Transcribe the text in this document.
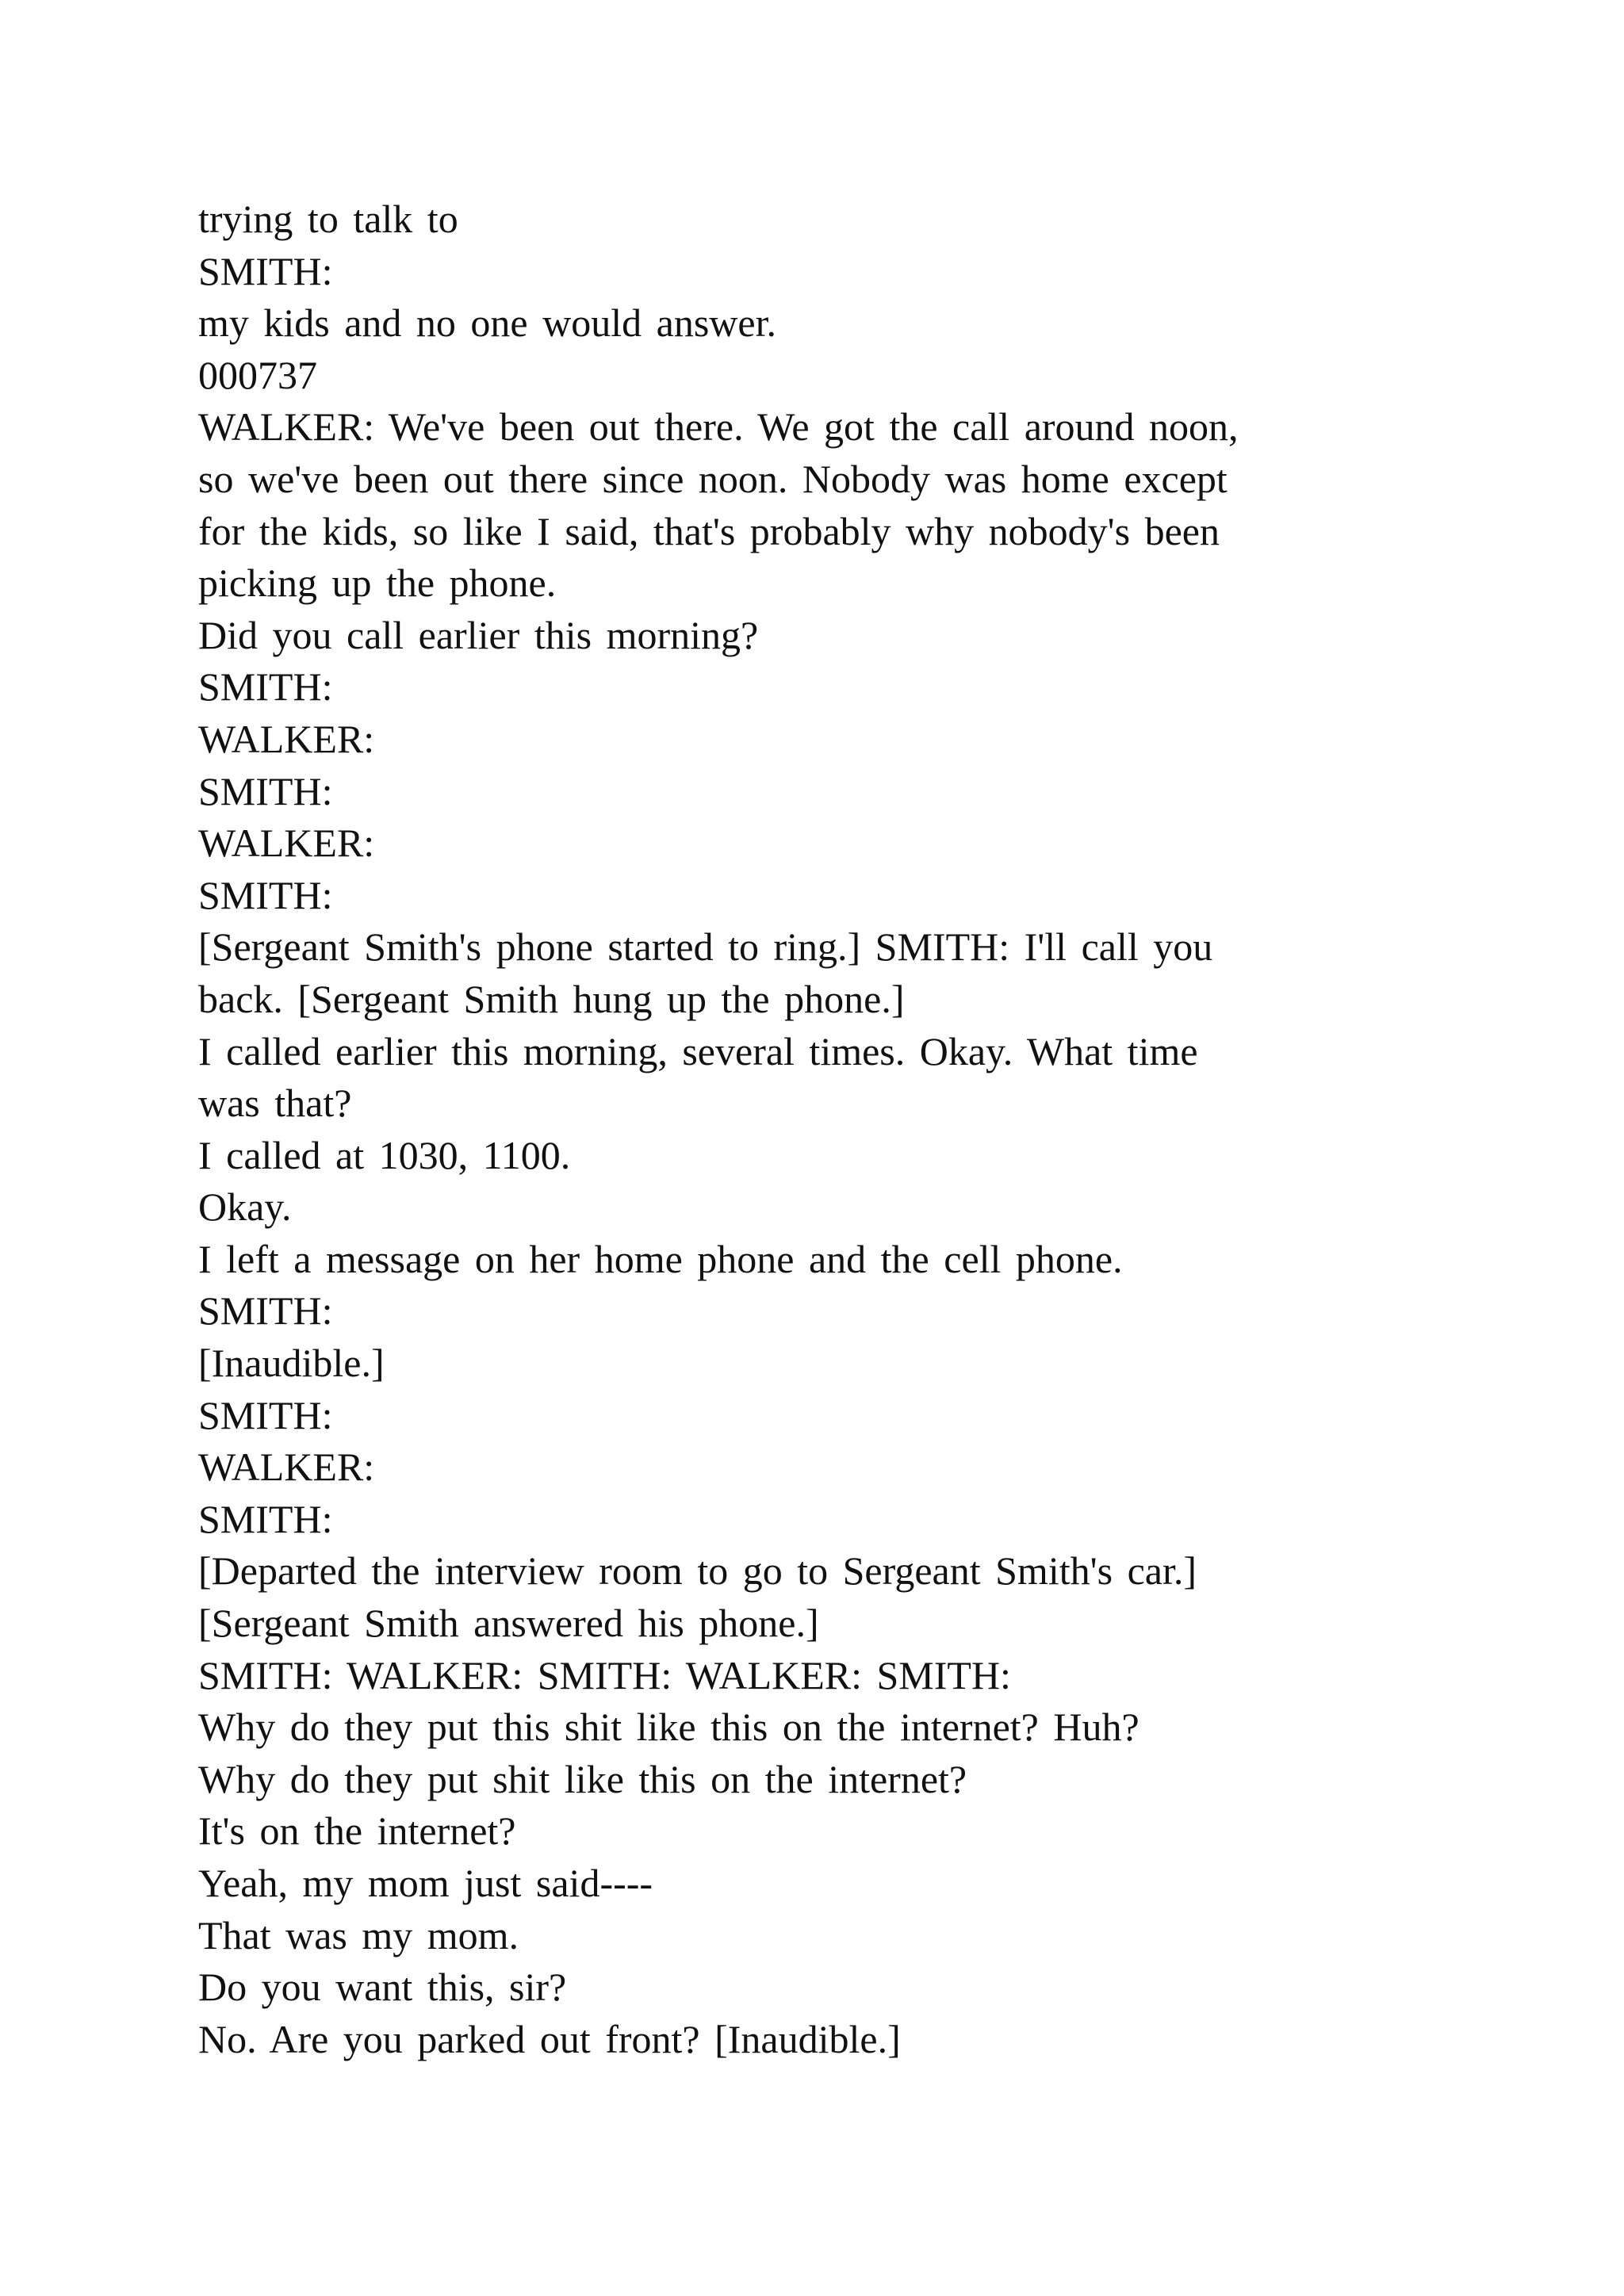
trying to talk to
SMITH:
my kids and no one would answer.
000737
WALKER: We've been out there. We got the call around noon,
so we've been out there since noon. Nobody was home except
for the kids, so like I said, that's probably why nobody's been
picking up the phone.
Did you call earlier this morning?
SMITH:
WALKER:
SMITH:
WALKER:
SMITH:
[Sergeant Smith's phone started to ring.] SMITH: I'll call you
back. [Sergeant Smith hung up the phone.]
I called earlier this morning, several times. Okay. What time
was that?
I called at 1030, 1100.
Okay.
I left a message on her home phone and the cell phone.
SMITH:
[Inaudible.]
SMITH:
WALKER:
SMITH:
[Departed the interview room to go to Sergeant Smith's car.]
[Sergeant Smith answered his phone.]
SMITH: WALKER: SMITH: WALKER: SMITH:
Why do they put this shit like this on the internet? Huh?
Why do they put shit like this on the internet?
It's on the internet?
Yeah, my mom just said----
That was my mom.
Do you want this, sir?
No. Are you parked out front? [Inaudible.]
